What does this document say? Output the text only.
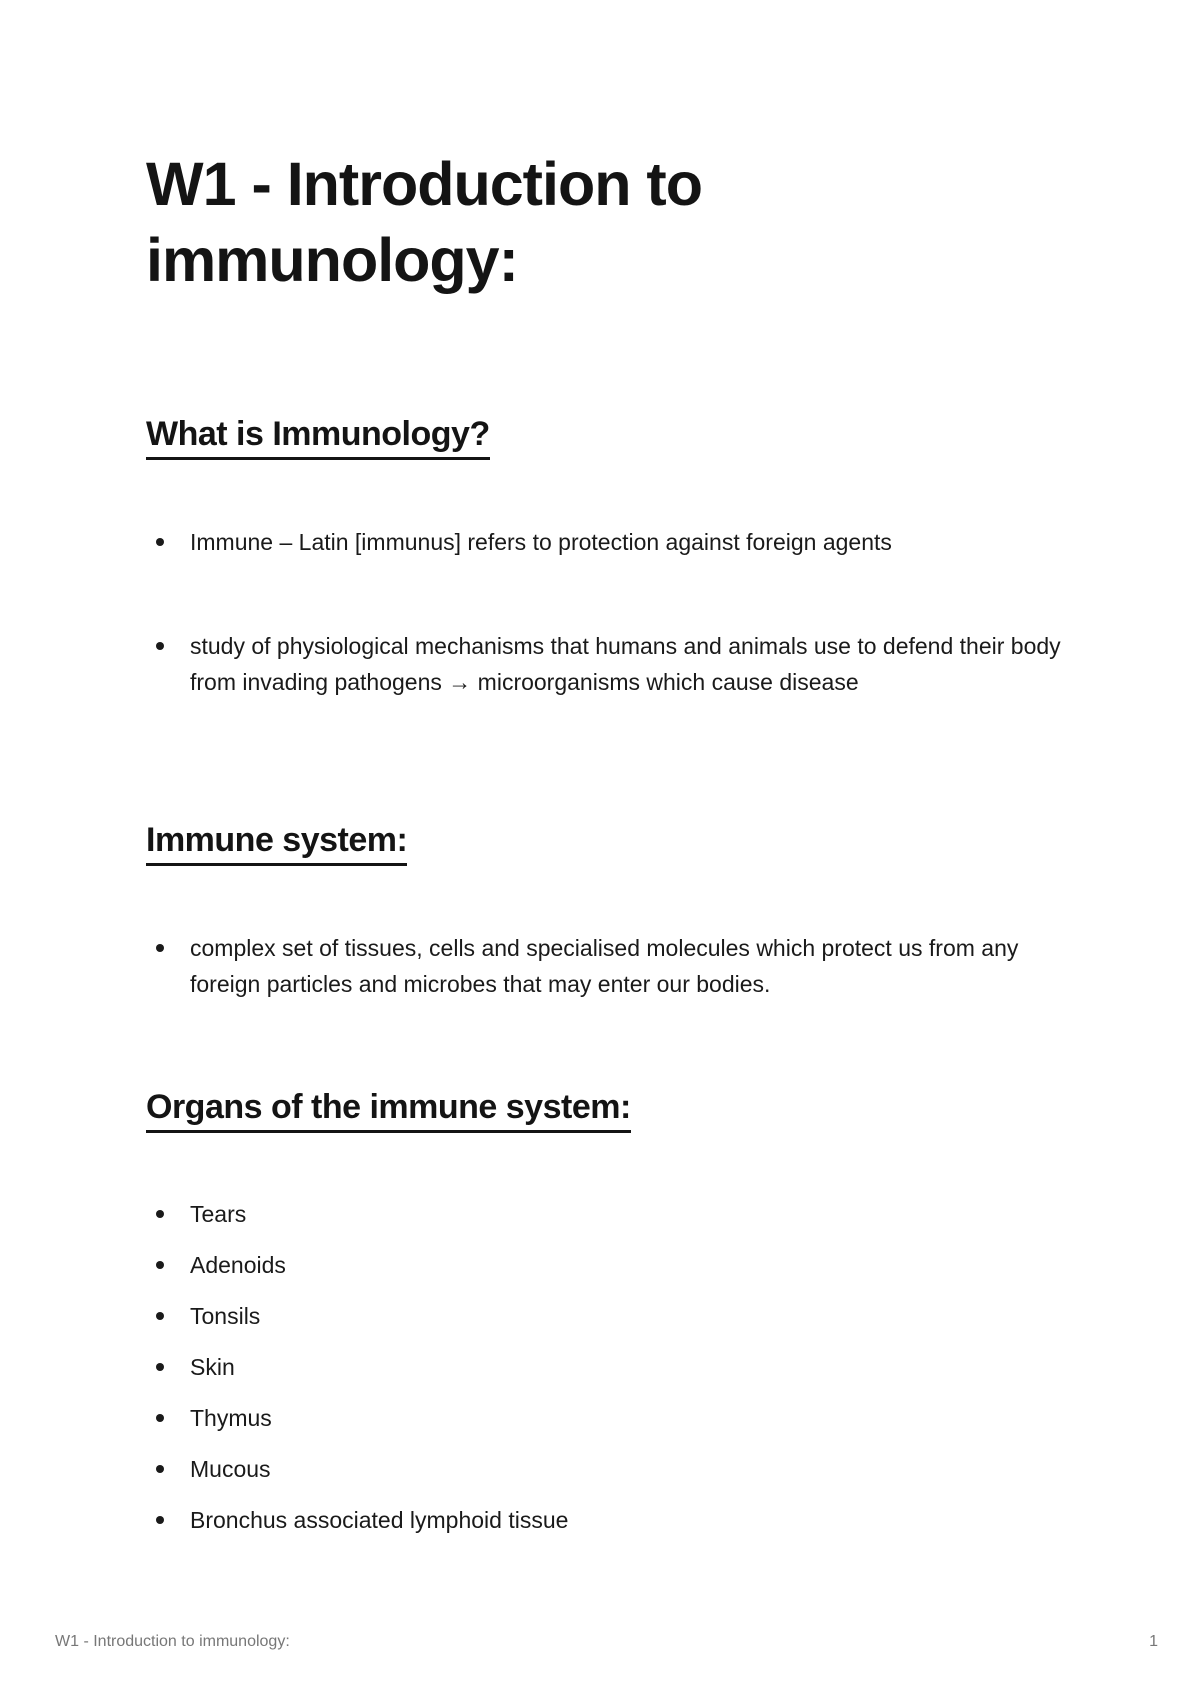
W1 - Introduction to immunology:
What is Immunology?
Immune – Latin [immunus] refers to protection against foreign agents
study of physiological mechanisms that humans and animals use to defend their body from invading pathogens → microorganisms which cause disease
Immune system:
complex set of tissues, cells and specialised molecules which protect us from any foreign particles and microbes that may enter our bodies.
Organs of the immune system:
Tears
Adenoids
Tonsils
Skin
Thymus
Mucous
Bronchus associated lymphoid tissue
W1 - Introduction to immunology:	1
